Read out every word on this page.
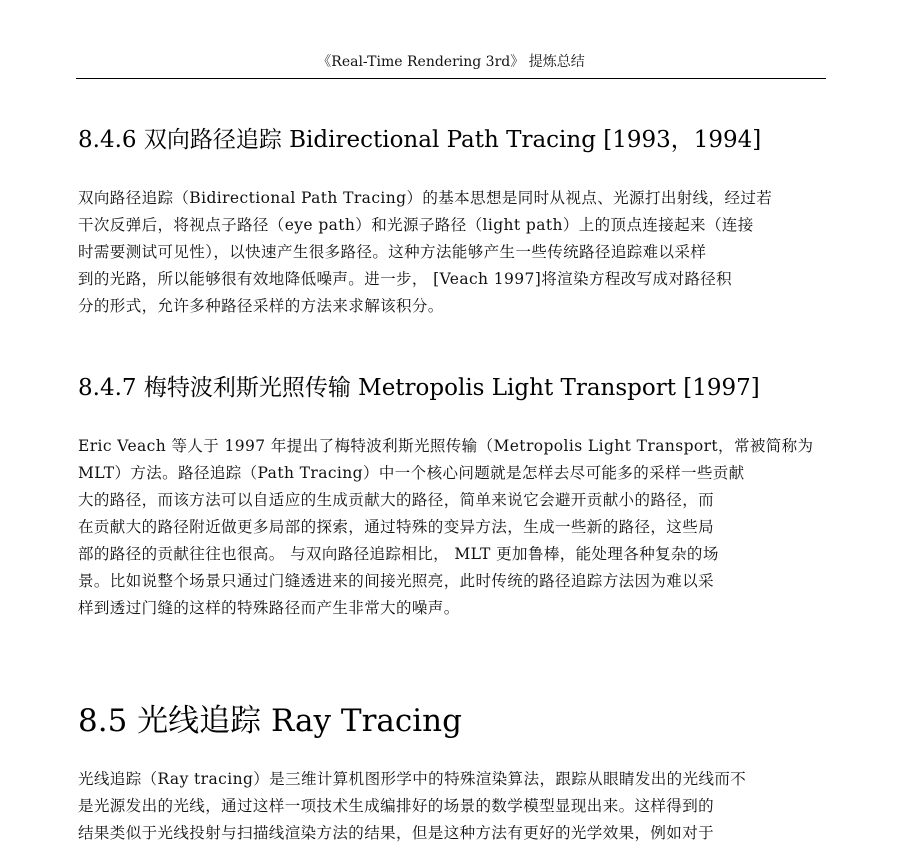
《Real-Time Rendering 3rd》 提炼总结
8.4.6 双向路径追踪 Bidirectional Path Tracing [1993，1994]
双向路径追踪（Bidirectional Path Tracing）的基本思想是同时从视点、光源打出射线，经过若
干次反弹后，将视点子路径（eye path）和光源子路径（light path）上的顶点连接起来（连接
时需要测试可见性），以快速产生很多路径。这种方法能够产生一些传统路径追踪难以采样
到的光路，所以能够很有效地降低噪声。进一步， [Veach 1997]将渲染方程改写成对路径积
分的形式，允许多种路径采样的方法来求解该积分。
8.4.7 梅特波利斯光照传输 Metropolis Light Transport [1997]
Eric Veach 等人于 1997 年提出了梅特波利斯光照传输（Metropolis Light Transport，常被简称为
MLT）方法。路径追踪（Path Tracing）中一个核心问题就是怎样去尽可能多的采样一些贡献
大的路径，而该方法可以自适应的生成贡献大的路径，简单来说它会避开贡献小的路径，而
在贡献大的路径附近做更多局部的探索，通过特殊的变异方法，生成一些新的路径，这些局
部的路径的贡献往往也很高。 与双向路径追踪相比， MLT 更加鲁棒，能处理各种复杂的场
景。比如说整个场景只通过门缝透进来的间接光照亮，此时传统的路径追踪方法因为难以采
样到透过门缝的这样的特殊路径而产生非常大的噪声。
8.5 光线追踪 Ray Tracing
光线追踪（Ray tracing）是三维计算机图形学中的特殊渲染算法，跟踪从眼睛发出的光线而不
是光源发出的光线，通过这样一项技术生成编排好的场景的数学模型显现出来。这样得到的
结果类似于光线投射与扫描线渲染方法的结果，但是这种方法有更好的光学效果，例如对于
